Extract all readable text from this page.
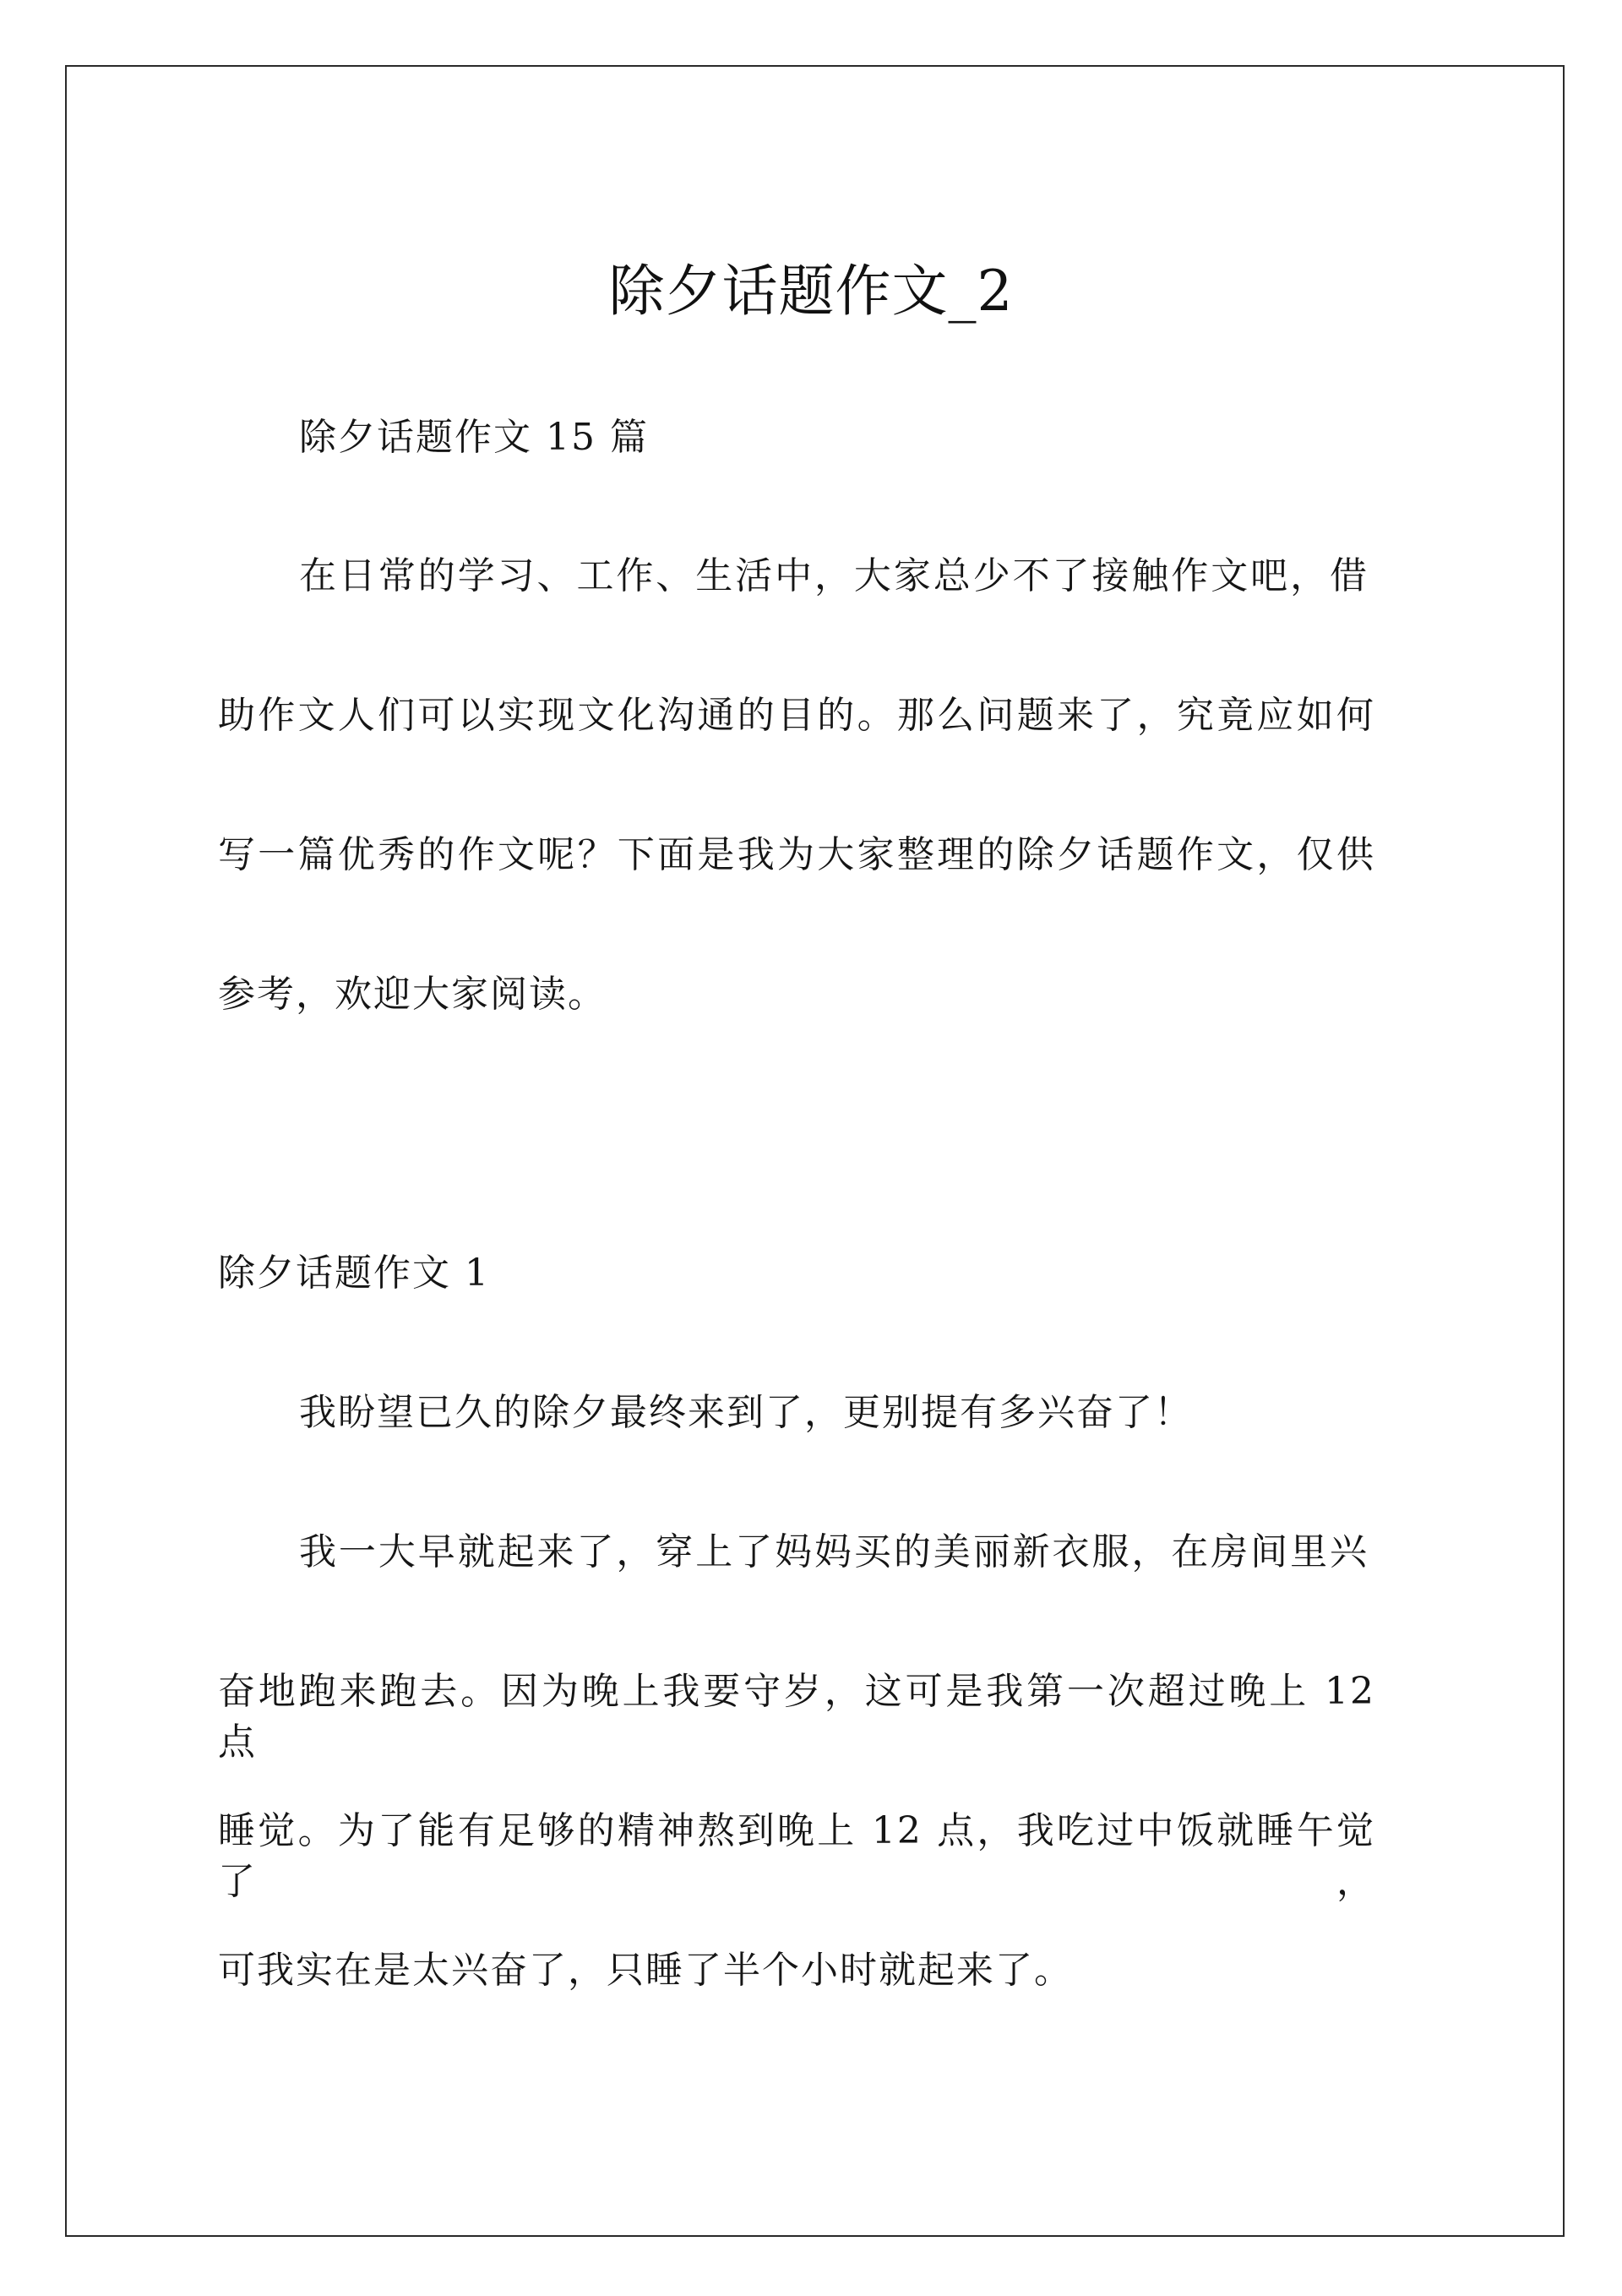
除夕话题作文_2
除夕话题作文 15 篇
在日常的学习、工作、生活中，大家总少不了接触作文吧，借
助作文人们可以实现文化沟通的目的。那么问题来了，究竟应如何
写一篇优秀的作文呢？下面是我为大家整理的除夕话题作文，仅供
参考，欢迎大家阅读。
除夕话题作文 1
我盼望已久的除夕最终来到了，更别提有多兴奋了！
我一大早就起来了，穿上了妈妈买的美丽新衣服，在房间里兴
奋地跑来跑去。因为晚上我要守岁，这可是我第一次超过晚上 12 点
睡觉。为了能有足够的精神熬到晚上 12 点，我吃过中饭就睡午觉了，
可我实在是太兴奋了，只睡了半个小时就起来了。
